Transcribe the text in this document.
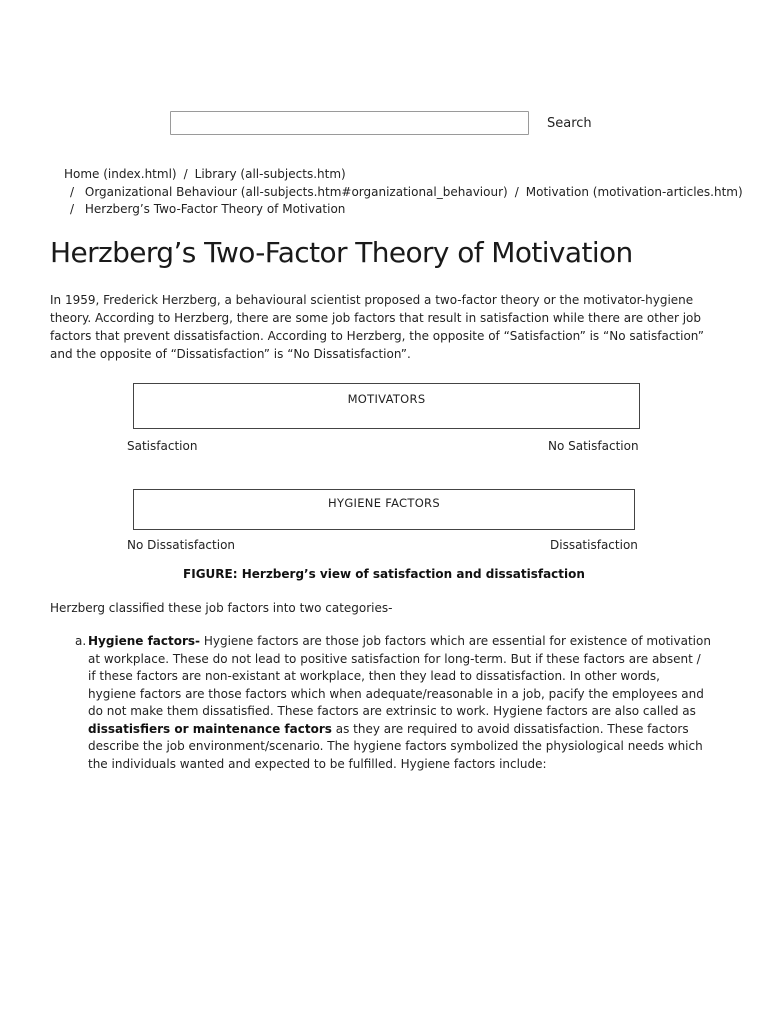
Search
Home (index.html) / Library (all-subjects.htm)
/ Organizational Behaviour (all-subjects.htm#organizational_behaviour) / Motivation (motivation-articles.htm)
/ Herzberg’s Two-Factor Theory of Motivation
Herzberg’s Two-Factor Theory of Motivation

In 1959, Frederick Herzberg, a behavioural scientist proposed a two-factor theory or the motivator-hygiene theory. According to Herzberg, there are some job factors that result in satisfaction while there are other job factors that prevent dissatisfaction. According to Herzberg, the opposite of “Satisfaction” is “No satisfaction” and the opposite of “Dissatisfaction” is “No Dissatisfaction”.

MOTIVATORS
Satisfaction	No Satisfaction
HYGIENE FACTORS
No Dissatisfaction	Dissatisfaction
FIGURE: Herzberg’s view of satisfaction and dissatisfaction

Herzberg classified these job factors into two categories-

a. Hygiene factors- Hygiene factors are those job factors which are essential for existence of motivation at workplace. These do not lead to positive satisfaction for long-term. But if these factors are absent / if these factors are non-existant at workplace, then they lead to dissatisfaction. In other words, hygiene factors are those factors which when adequate/reasonable in a job, pacify the employees and do not make them dissatisfied. These factors are extrinsic to work. Hygiene factors are also called as dissatisfiers or maintenance factors as they are required to avoid dissatisfaction. These factors describe the job environment/scenario. The hygiene factors symbolized the physiological needs which the individuals wanted and expected to be fulfilled. Hygiene factors include:
